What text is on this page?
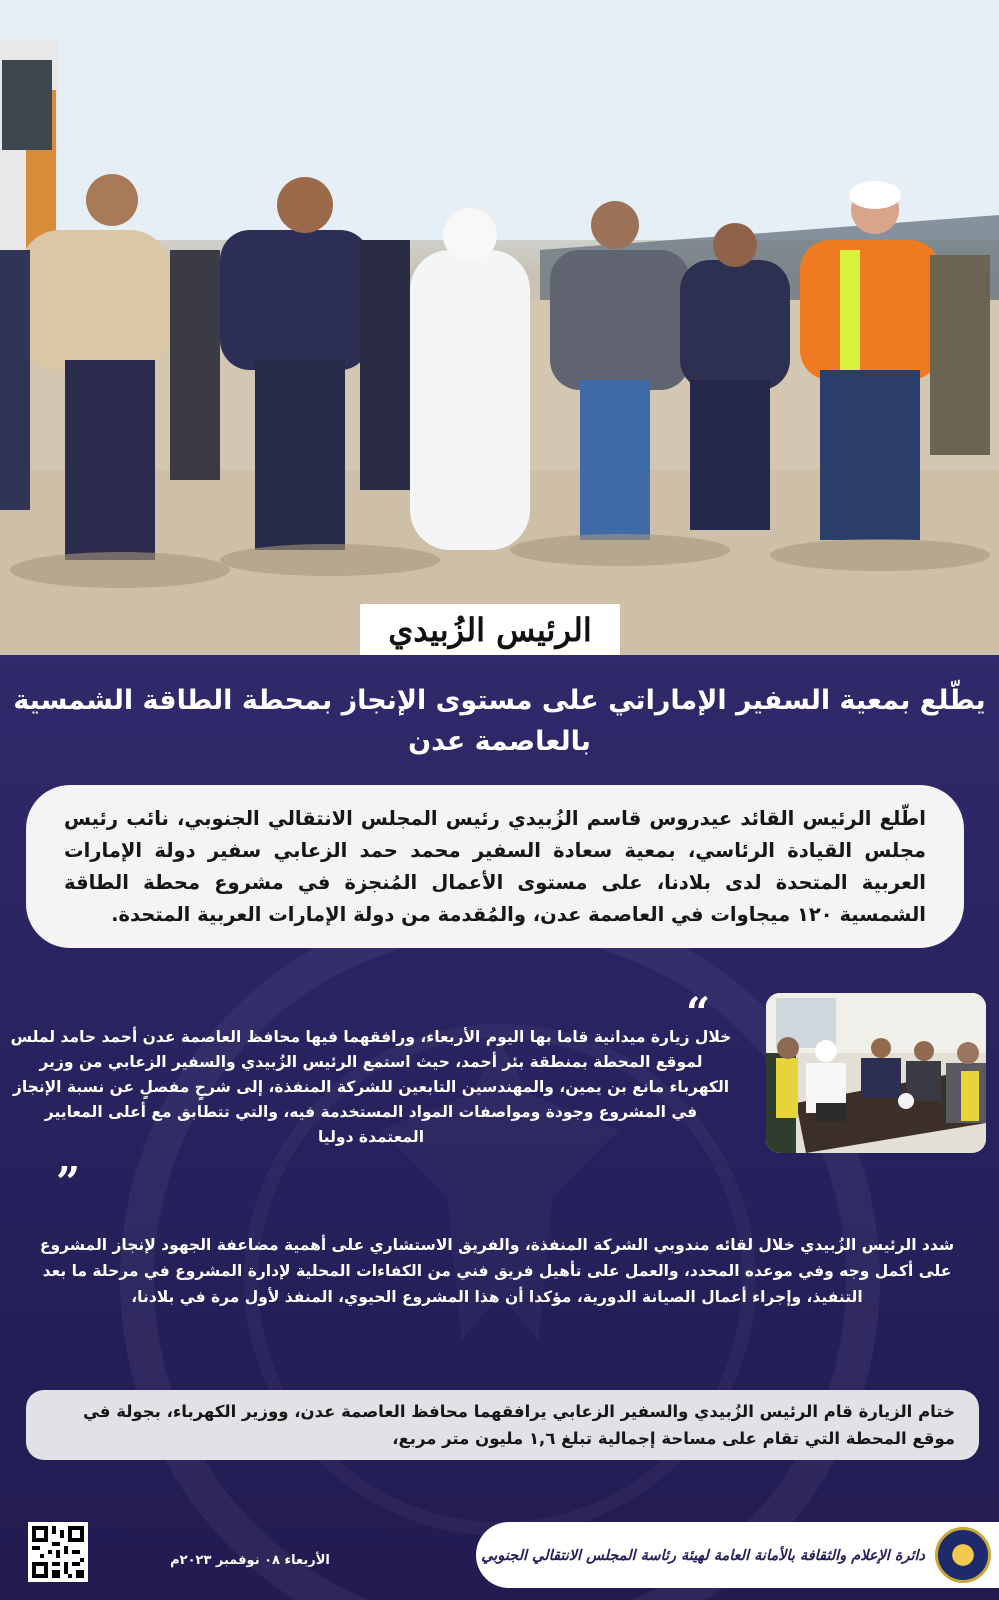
الرئيس الزُبيدي
يطّلع بمعية السفير الإماراتي على مستوى الإنجاز بمحطة الطاقة الشمسية
بالعاصمة عدن

اطّلع الرئيس القائد عيدروس قاسم الزُبيدي رئيس المجلس الانتقالي الجنوبي، نائب رئيس مجلس القيادة الرئاسي، بمعية سعادة السفير محمد حمد الزعابي سفير دولة الإمارات العربية المتحدة لدى بلادنا، على مستوى الأعمال المُنجزة في مشروع محطة الطاقة الشمسية ١٢٠ ميجاوات في العاصمة عدن، والمُقدمة من دولة الإمارات العربية المتحدة.

“
خلال زيارة ميدانية قاما بها اليوم الأربعاء، ورافقهما فيها محافظ العاصمة عدن أحمد حامد لملس لموقع المحطة بمنطقة بئر أحمد، حيث استمع الرئيس الزُبيدي والسفير الزعابي من وزير الكهرباء مانع بن يمين، والمهندسين التابعين للشركة المنفذة، إلى شرحٍ مفصلٍ عن نسبة الإنجاز في المشروع وجودة ومواصفات المواد المستخدمة فيه، والتي تتطابق مع أعلى المعايير المعتمدة دوليا
”
شدد الرئيس الزُبيدي خلال لقائه مندوبي الشركة المنفذة، والفريق الاستشاري على أهمية مضاعفة الجهود لإنجاز المشروع على أكمل وجه وفي موعده المحدد، والعمل على تأهيل فريق فني من الكفاءات المحلية لإدارة المشروع في مرحلة ما بعد التنفيذ، وإجراء أعمال الصيانة الدورية، مؤكدا أن هذا المشروع الحيوي، المنفذ لأول مرة في بلادنا،

ختام الزيارة قام الرئيس الزُبيدي والسفير الزعابي يرافقهما محافظ العاصمة عدن، ووزير الكهرباء، بجولة في موقع المحطة التي تقام على مساحة إجمالية تبلغ ١,٦ مليون متر مربع،

دائرة الإعلام والثقافة بالأمانة العامة لهيئة رئاسة المجلس الانتقالي الجنوبي
الأربعاء ٠٨ نوفمبر ٢٠٢٣م
